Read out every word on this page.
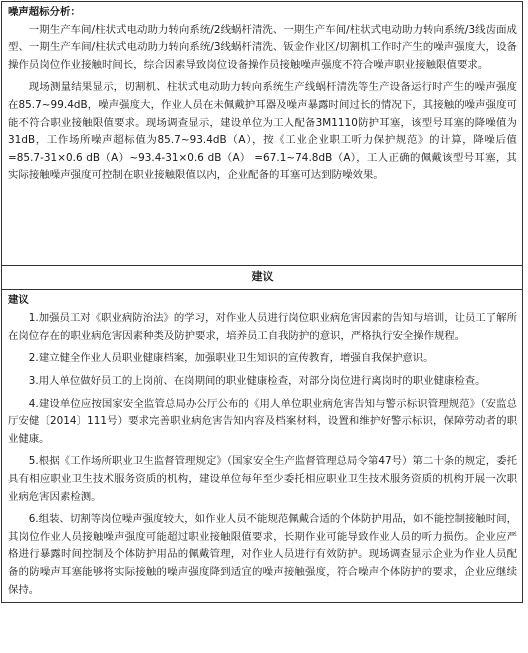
噪声超标分析：

一期生产车间/柱状式电动助力转向系统/2线蜗杆清洗、一期生产车间/柱状式电动助力转向系统/3线齿面成型、一期生产车间/柱状式电动助力转向系统/3线蜗杆清洗、钣金作业区/切割机工作时产生的噪声强度大，设备操作员岗位作业接触时间长，综合因素导致岗位设备操作员接触噪声强度不符合噪声职业接触限值要求。

现场测量结果显示，切割机、柱状式电动助力转向系统生产线蜗杆清洗等生产设备运行时产生的噪声强度在85.7~99.4dB，噪声强度大，作业人员在未佩戴护耳器及噪声暴露时间过长的情况下，其接触的噪声强度可能不符合职业接触限值要求。现场调查显示，建设单位为工人配备3M1110防护耳塞，该型号耳塞的降噪值为31dB，工作场所噪声超标值为85.7~93.4dB（A），按《工业企业职工听力保护规范》的计算，降噪后值=85.7-31×0.6 dB（A）~93.4-31×0.6 dB（A） =67.1~74.8dB（A），工人正确的佩戴该型号耳塞，其实际接触噪声强度可控制在职业接触限值以内，企业配备的耳塞可达到防噪效果。

建议

建议

1.加强员工对《职业病防治法》的学习，对作业人员进行岗位职业病危害因素的告知与培训，让员工了解所在岗位存在的职业病危害因素种类及防护要求，培养员工自我防护的意识，严格执行安全操作规程。

2.建立健全作业人员职业健康档案，加强职业卫生知识的宣传教育，增强自我保护意识。

3.用人单位做好员工的上岗前、在岗期间的职业健康检查，对部分岗位进行离岗时的职业健康检查。

4.建设单位应按国家安全监管总局办公厅公布的《用人单位职业病危害告知与警示标识管理规范》（安监总厅安健〔2014〕111号）要求完善职业病危害告知内容及档案材料，设置和维护好警示标识，保障劳动者的职业健康。

5.根据《工作场所职业卫生监督管理规定》（国家安全生产监督管理总局令第47号）第二十条的规定，委托具有相应职业卫生技术服务资质的机构，建设单位每年至少委托相应职业卫生技术服务资质的机构开展一次职业病危害因素检测。

6.组装、切割等岗位噪声强度较大，如作业人员不能规范佩戴合适的个体防护用品，如不能控制接触时间，其岗位作业人员接触噪声强度可能超过职业接触限值要求，长期作业可能导致作业人员的听力损伤。企业应严格进行暴露时间控制及个体防护用品的佩戴管理，对作业人员进行有效防护。现场调查显示企业为作业人员配备的防噪声耳塞能够将实际接触的噪声强度降到适宜的噪声接触强度，符合噪声个体防护的要求，企业应继续保持。
